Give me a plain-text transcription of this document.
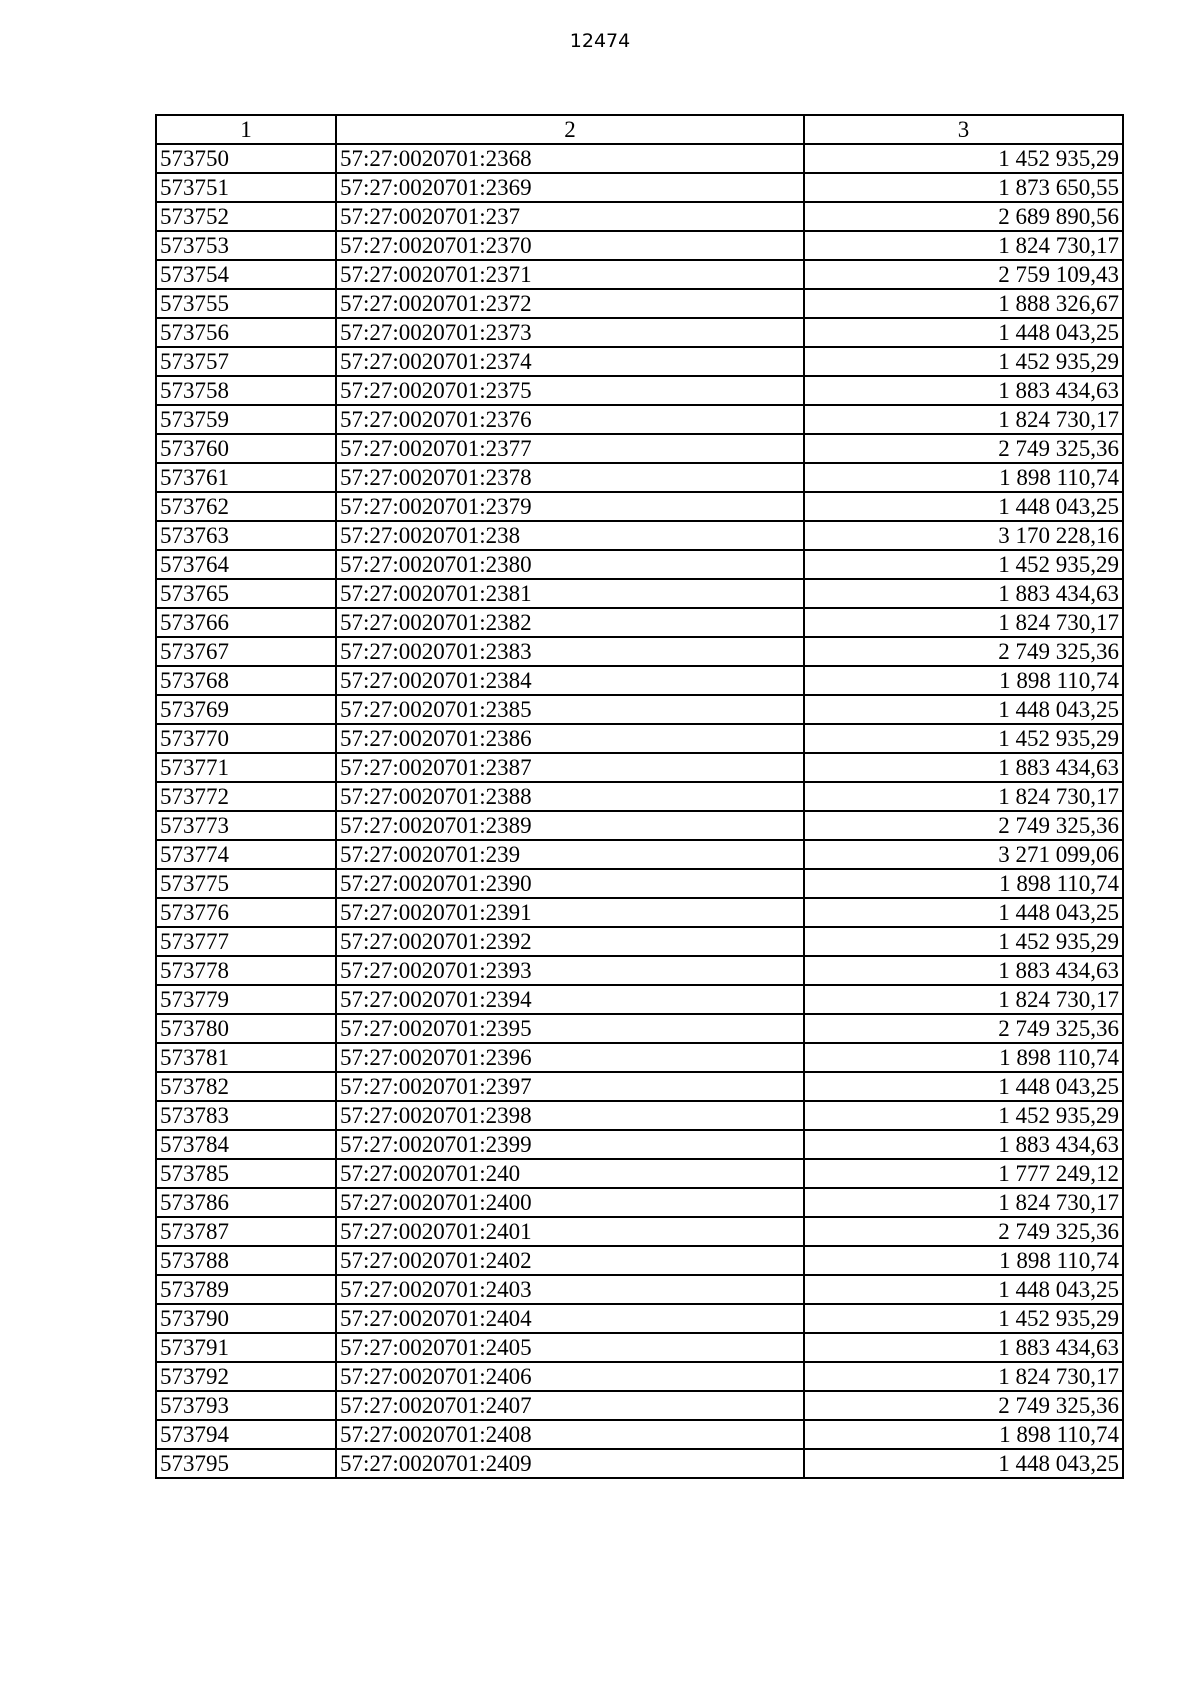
12474
1	2	3
573750	57:27:0020701:2368	1 452 935,29
573751	57:27:0020701:2369	1 873 650,55
573752	57:27:0020701:237	2 689 890,56
573753	57:27:0020701:2370	1 824 730,17
573754	57:27:0020701:2371	2 759 109,43
573755	57:27:0020701:2372	1 888 326,67
573756	57:27:0020701:2373	1 448 043,25
573757	57:27:0020701:2374	1 452 935,29
573758	57:27:0020701:2375	1 883 434,63
573759	57:27:0020701:2376	1 824 730,17
573760	57:27:0020701:2377	2 749 325,36
573761	57:27:0020701:2378	1 898 110,74
573762	57:27:0020701:2379	1 448 043,25
573763	57:27:0020701:238	3 170 228,16
573764	57:27:0020701:2380	1 452 935,29
573765	57:27:0020701:2381	1 883 434,63
573766	57:27:0020701:2382	1 824 730,17
573767	57:27:0020701:2383	2 749 325,36
573768	57:27:0020701:2384	1 898 110,74
573769	57:27:0020701:2385	1 448 043,25
573770	57:27:0020701:2386	1 452 935,29
573771	57:27:0020701:2387	1 883 434,63
573772	57:27:0020701:2388	1 824 730,17
573773	57:27:0020701:2389	2 749 325,36
573774	57:27:0020701:239	3 271 099,06
573775	57:27:0020701:2390	1 898 110,74
573776	57:27:0020701:2391	1 448 043,25
573777	57:27:0020701:2392	1 452 935,29
573778	57:27:0020701:2393	1 883 434,63
573779	57:27:0020701:2394	1 824 730,17
573780	57:27:0020701:2395	2 749 325,36
573781	57:27:0020701:2396	1 898 110,74
573782	57:27:0020701:2397	1 448 043,25
573783	57:27:0020701:2398	1 452 935,29
573784	57:27:0020701:2399	1 883 434,63
573785	57:27:0020701:240	1 777 249,12
573786	57:27:0020701:2400	1 824 730,17
573787	57:27:0020701:2401	2 749 325,36
573788	57:27:0020701:2402	1 898 110,74
573789	57:27:0020701:2403	1 448 043,25
573790	57:27:0020701:2404	1 452 935,29
573791	57:27:0020701:2405	1 883 434,63
573792	57:27:0020701:2406	1 824 730,17
573793	57:27:0020701:2407	2 749 325,36
573794	57:27:0020701:2408	1 898 110,74
573795	57:27:0020701:2409	1 448 043,25
